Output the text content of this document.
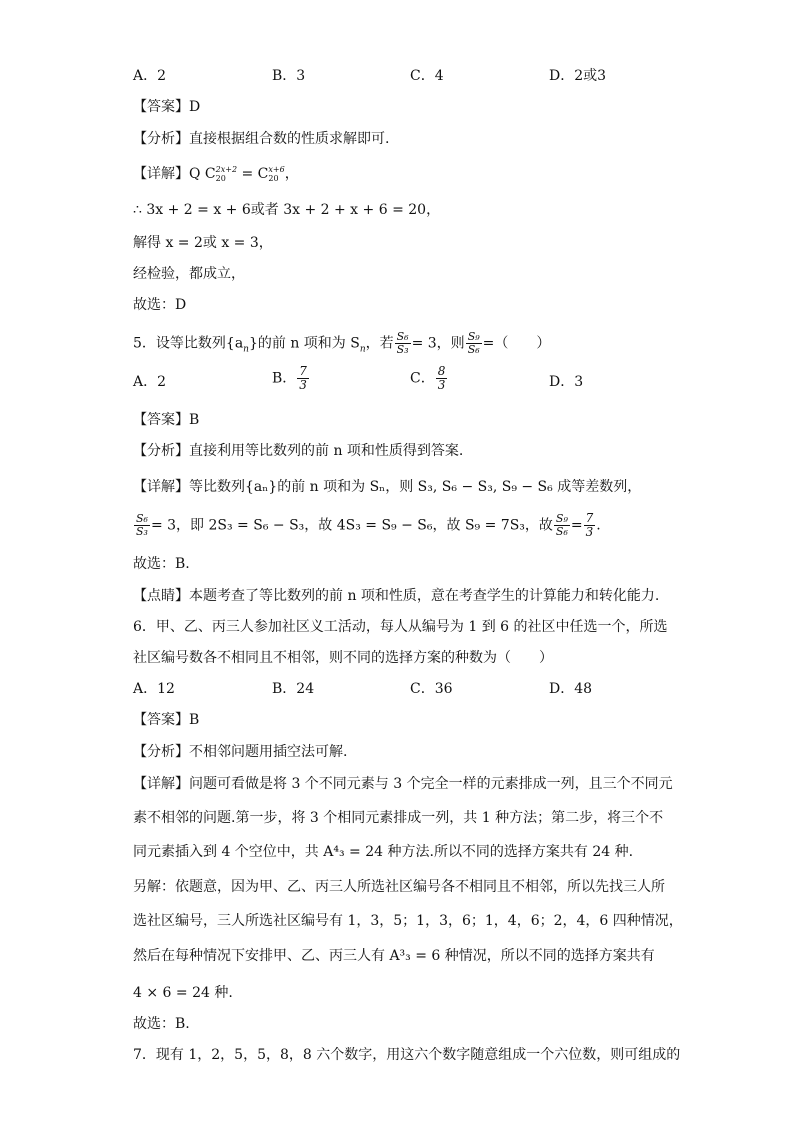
A．2	B．3	C．4	D．2或3
【答案】D
【分析】直接根据组合数的性质求解即可.
【详解】Q C 2x+2
20 = C x+6
20 ，
∴ 3x + 2 = x + 6或者 3x + 2 + x + 6 = 20，
解得 x = 2或 x = 3，
经检验，都成立，
故选：D
5．设等比数列$\{a_n\}$的前 n 项和为 $S_n$，若 $\frac{\text{S₆}}{\text{S₃}} = 3$，则 $\frac{\text{S₉}}{\text{S₆}}$ =（　　）
A．2	B． $\frac{7}{3}$	C． $\frac{8}{3}$	D．3
【答案】B
【分析】直接利用等比数列的前 n 项和性质得到答案.
【详解】等比数列{aₙ}的前 n 项和为 Sₙ，则 S₃, S₆ − S₃, S₉ − S₆ 成等差数列，
$\frac{\text{S₆}}{\text{S₃}} = 3$，即 2S₃ = S₆ − S₃，故 4S₃ = S₉ − S₆，故 S₉ = 7S₃，故 $\frac{\text{S₉}}{\text{S₆}} = \frac{7}{3}$ .
故选：B.
【点睛】本题考查了等比数列的前 n 项和性质，意在考查学生的计算能力和转化能力.
6．甲、乙、丙三人参加社区义工活动，每人从编号为 1 到 6 的社区中任选一个，所选
社区编号数各不相同且不相邻，则不同的选择方案的种数为（　　）
A．12	B．24	C．36	D．48
【答案】B
【分析】不相邻问题用插空法可解.
【详解】问题可看做是将 3 个不同元素与 3 个完全一样的元素排成一列，且三个不同元
素不相邻的问题.第一步，将 3 个相同元素排成一列，共 1 种方法；第二步，将三个不
同元素插入到 4 个空位中，共 A⁴₃ = 24 种方法.所以不同的选择方案共有 24 种.
另解：依题意，因为甲、乙、丙三人所选社区编号各不相同且不相邻，所以先找三人所
选社区编号，三人所选社区编号有 1，3，5；1，3，6；1，4，6；2，4，6 四种情况，
然后在每种情况下安排甲、乙、丙三人有 A³₃ = 6 种情况，所以不同的选择方案共有
4 × 6 = 24 种.
故选：B.
7．现有 1，2，5，5，8，8 六个数字，用这六个数字随意组成一个六位数，则可组成的
